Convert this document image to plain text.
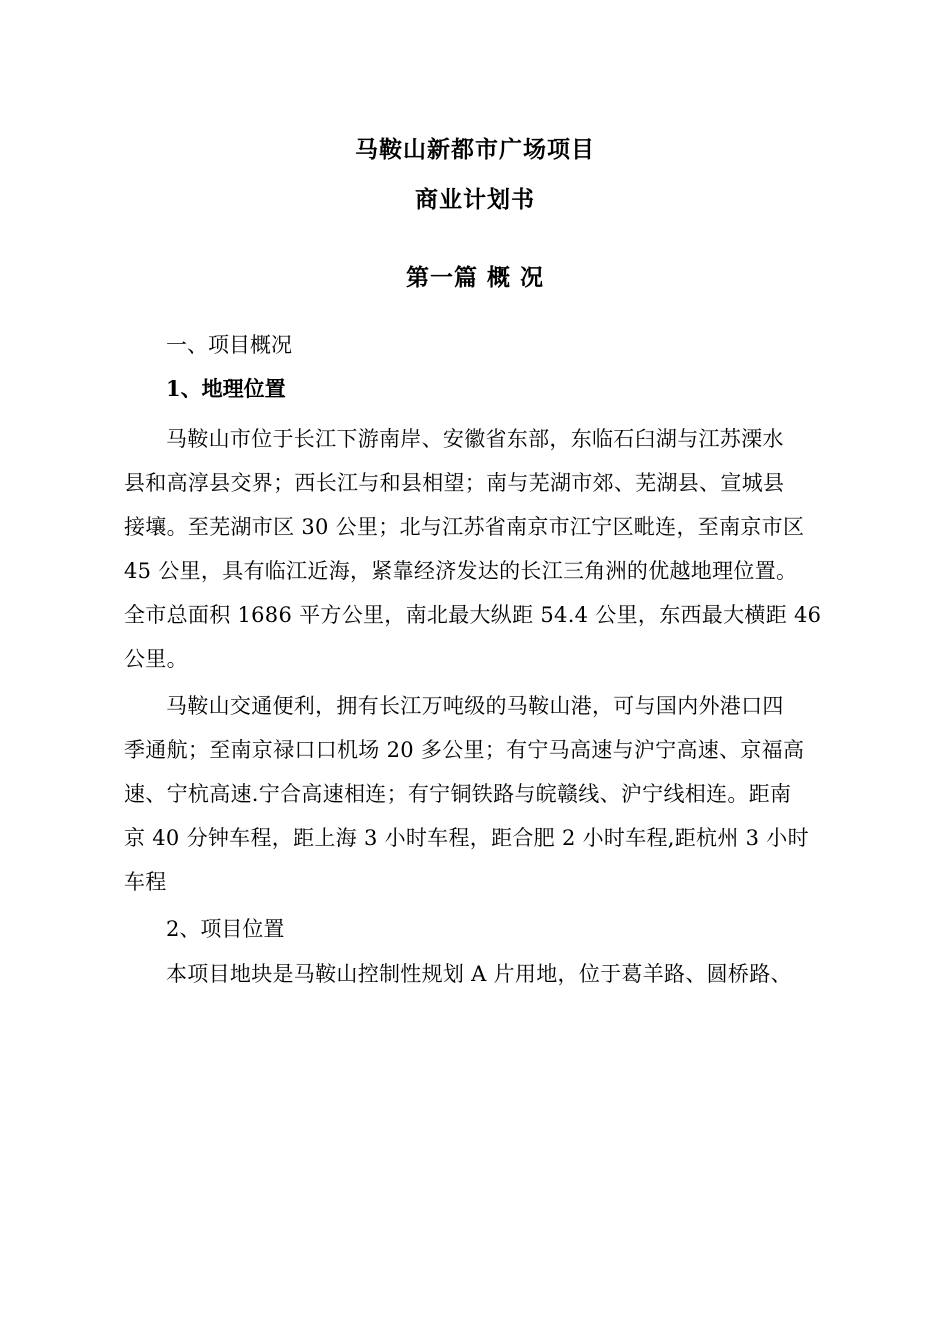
马鞍山新都市广场项目
商业计划书
第一篇 概 况
一、项目概况
1、地理位置
马鞍山市位于长江下游南岸、安徽省东部，东临石臼湖与江苏溧水
县和高淳县交界；西长江与和县相望；南与芜湖市郊、芜湖县、宣城县
接壤。至芜湖市区 30 公里；北与江苏省南京市江宁区毗连，至南京市区
45 公里，具有临江近海，紧靠经济发达的长江三角洲的优越地理位置。
全市总面积 1686 平方公里，南北最大纵距 54.4 公里，东西最大横距 46
公里。
马鞍山交通便利，拥有长江万吨级的马鞍山港，可与国内外港口四
季通航；至南京禄口口机场 20 多公里；有宁马高速与沪宁高速、京福高
速、宁杭高速.宁合高速相连；有宁铜铁路与皖赣线、沪宁线相连。距南
京 40 分钟车程，距上海 3 小时车程，距合肥 2 小时车程,距杭州 3 小时
车程
2、项目位置
本项目地块是马鞍山控制性规划 A 片用地，位于葛羊路、圆桥路、
